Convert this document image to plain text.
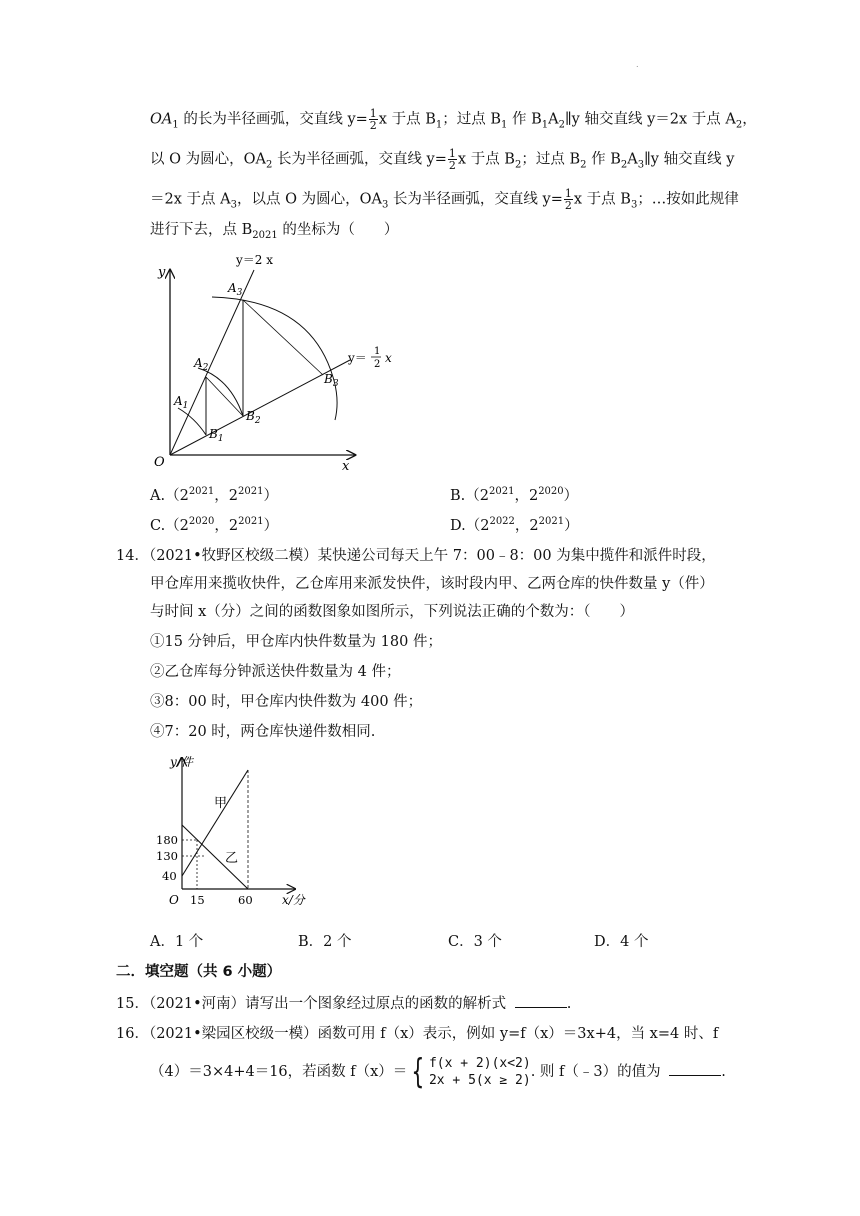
.
$OA_1$ 的长为半径画弧，交直线 $y= \frac{1}{2}$ x 于点 $B_1$；过点 $B_1$ 作 $B_1A_2\parallel y$ 轴交直线 y＝2x 于点 $A_2$，
以 O 为圆心，$OA_2$ 长为半径画弧，交直线 $y= \frac{1}{2}$ x 于点 $B_2$；过点 $B_2$ 作 $B_2A_3\parallel y$ 轴交直线 y
＝2x 于点 $A_3$，以点 O 为圆心，$OA_3$ 长为半径画弧，交直线 $y= \frac{1}{2}$ x 于点 $B_3$；…按如此规律
进行下去，点 $B_{2021}$ 的坐标为（　　）
y
x
O
y＝2 x
y＝ 1
2 x
$A_1$
$A_2$
$A_3$
$B_1$
$B_2$
$B_3$
$A.(2^{2021}$，$2^{2021}$）	$B.(2^{2021}$，$2^{2020}$）
$C.(2^{2020}$，$2^{2021}$）	$D.(2^{2022}$，$2^{2021}$）
14．（2021•牧野区校级二模）某快递公司每天上午 7：00﹣8：00 为集中揽件和派件时段，
甲仓库用来揽收快件，乙仓库用来派发快件，该时段内甲、乙两仓库的快件数量 y（件）
与时间 x（分）之间的函数图象如图所示，下列说法正确的个数为：（　　）
①15 分钟后，甲仓库内快件数量为 180 件；
②乙仓库每分钟派送快件数量为 4 件；
③8：00 时，甲仓库内快件数为 400 件；
④7：20 时，两仓库快递件数相同.
y/件
x/分
O
180
130
40
15	60
甲
乙
A．1 个	B．2 个	C．3 个	D．4 个
二．填空题（共 6 小题）
15．（2021•河南）请写出一个图象经过原点的函数的解析式	.
16．（2021•梁园区校级一模）函数可用 f（x）表示，例如 y=f（x）＝3x+4，当 x=4 时、f
（4）＝3×4+4＝16，若函数 f（x）＝ { f(x + 2)(x<2)
2x + 5(x ≥ 2)
. 则 f（﹣3）的值为	.
